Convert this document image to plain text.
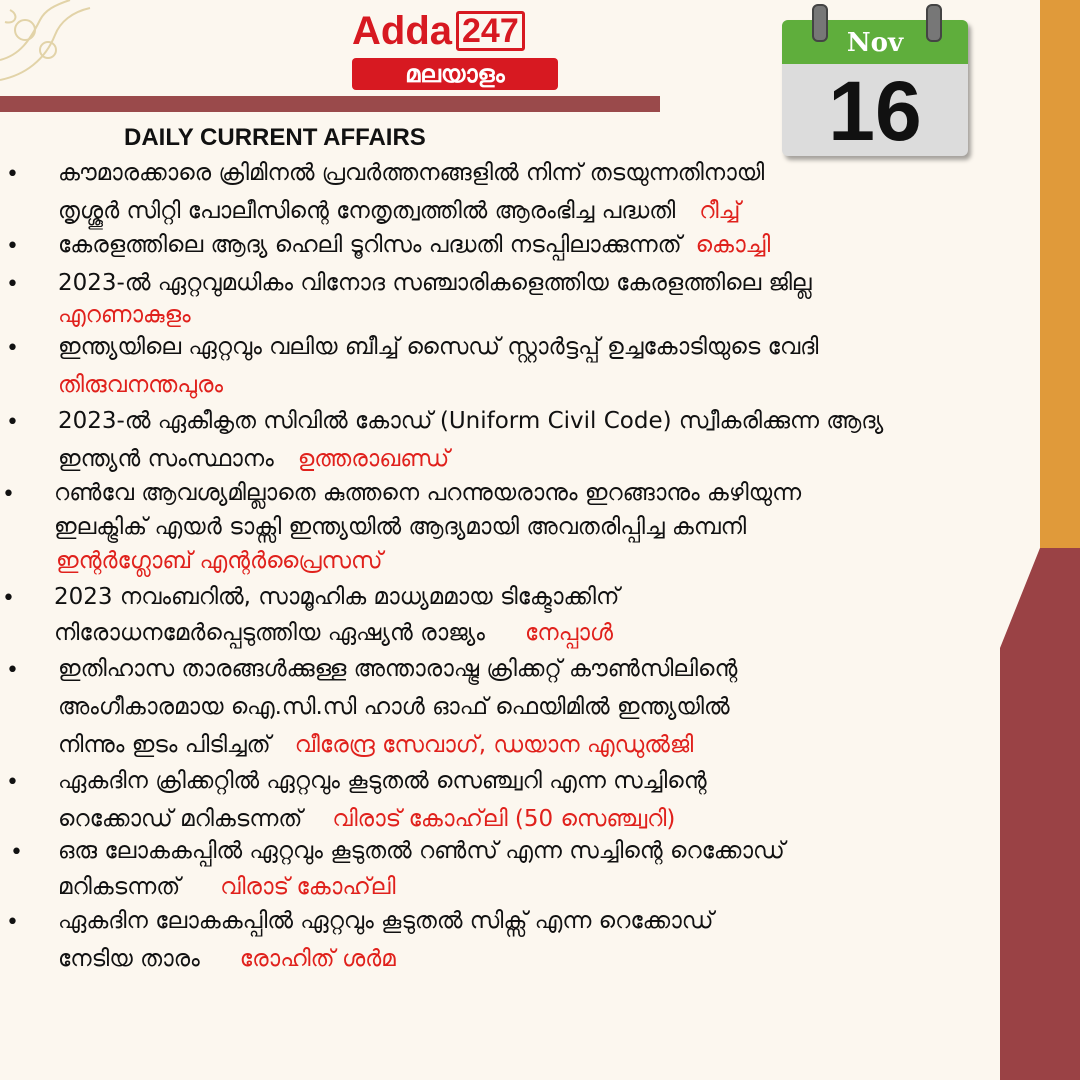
Adda 247
മലയാളം
DAILY CURRENT AFFAIRS
Nov
16
• കൗമാരക്കാരെ ക്രിമിനൽ പ്രവർത്തനങ്ങളിൽ നിന്ന് തടയുന്നതിനായി
തൃശ്ശൂർ സിറ്റി പോലീസിന്റെ നേതൃത്വത്തിൽ ആരംഭിച്ച പദ്ധതി റീച്ച്
• കേരളത്തിലെ ആദ്യ ഹെലി ടൂറിസം പദ്ധതി നടപ്പിലാക്കുന്നത് കൊച്ചി
• 2023-ൽ ഏറ്റവുമധികം വിനോദ സഞ്ചാരികളെത്തിയ കേരളത്തിലെ ജില്ല
എറണാകുളം
• ഇന്ത്യയിലെ ഏറ്റവും വലിയ ബീച്ച് സൈഡ് സ്റ്റാർട്ടപ്പ് ഉച്ചകോടിയുടെ വേദി
തിരുവനന്തപുരം
• 2023-ൽ ഏകീകൃത സിവിൽ കോഡ് (Uniform Civil Code) സ്വീകരിക്കുന്ന ആദ്യ
ഇന്ത്യൻ സംസ്ഥാനം ഉത്തരാഖണ്ഡ്
• റൺവേ ആവശ്യമില്ലാതെ കുത്തനെ പറന്നുയരാനും ഇറങ്ങാനും കഴിയുന്ന
ഇലക്ട്രിക് എയർ ടാക്സി ഇന്ത്യയിൽ ആദ്യമായി അവതരിപ്പിച്ച കമ്പനി
ഇന്റർഗ്ലോബ് എന്റർപ്രൈസസ്
• 2023 നവംബറിൽ, സാമൂഹിക മാധ്യമമായ ടിക്ടോക്കിന്
നിരോധനമേർപ്പെടുത്തിയ ഏഷ്യൻ രാജ്യം നേപ്പാൾ
• ഇതിഹാസ താരങ്ങൾക്കുള്ള അന്താരാഷ്ട്ര ക്രിക്കറ്റ് കൗൺസിലിന്റെ
അംഗീകാരമായ ഐ.സി.സി ഹാൾ ഓഫ് ഫെയിമിൽ ഇന്ത്യയിൽ
നിന്നും ഇടം പിടിച്ചത് വീരേന്ദ്ര സേവാഗ്, ഡയാന എഡുൽജി
• ഏകദിന ക്രിക്കറ്റിൽ ഏറ്റവും കൂടുതൽ സെഞ്ച്വറി എന്ന സച്ചിന്റെ
റെക്കോഡ് മറികടന്നത് വിരാട് കോഹ്‌ലി (50 സെഞ്ച്വറി)
• ഒരു ലോകകപ്പിൽ ഏറ്റവും കൂടുതൽ റൺസ് എന്ന സച്ചിന്റെ റെക്കോഡ്
മറികടന്നത് വിരാട് കോഹ്‌ലി
• ഏകദിന ലോകകപ്പിൽ ഏറ്റവും കൂടുതൽ സിക്സ് എന്ന റെക്കോഡ്
നേടിയ താരം രോഹിത് ശർമ
